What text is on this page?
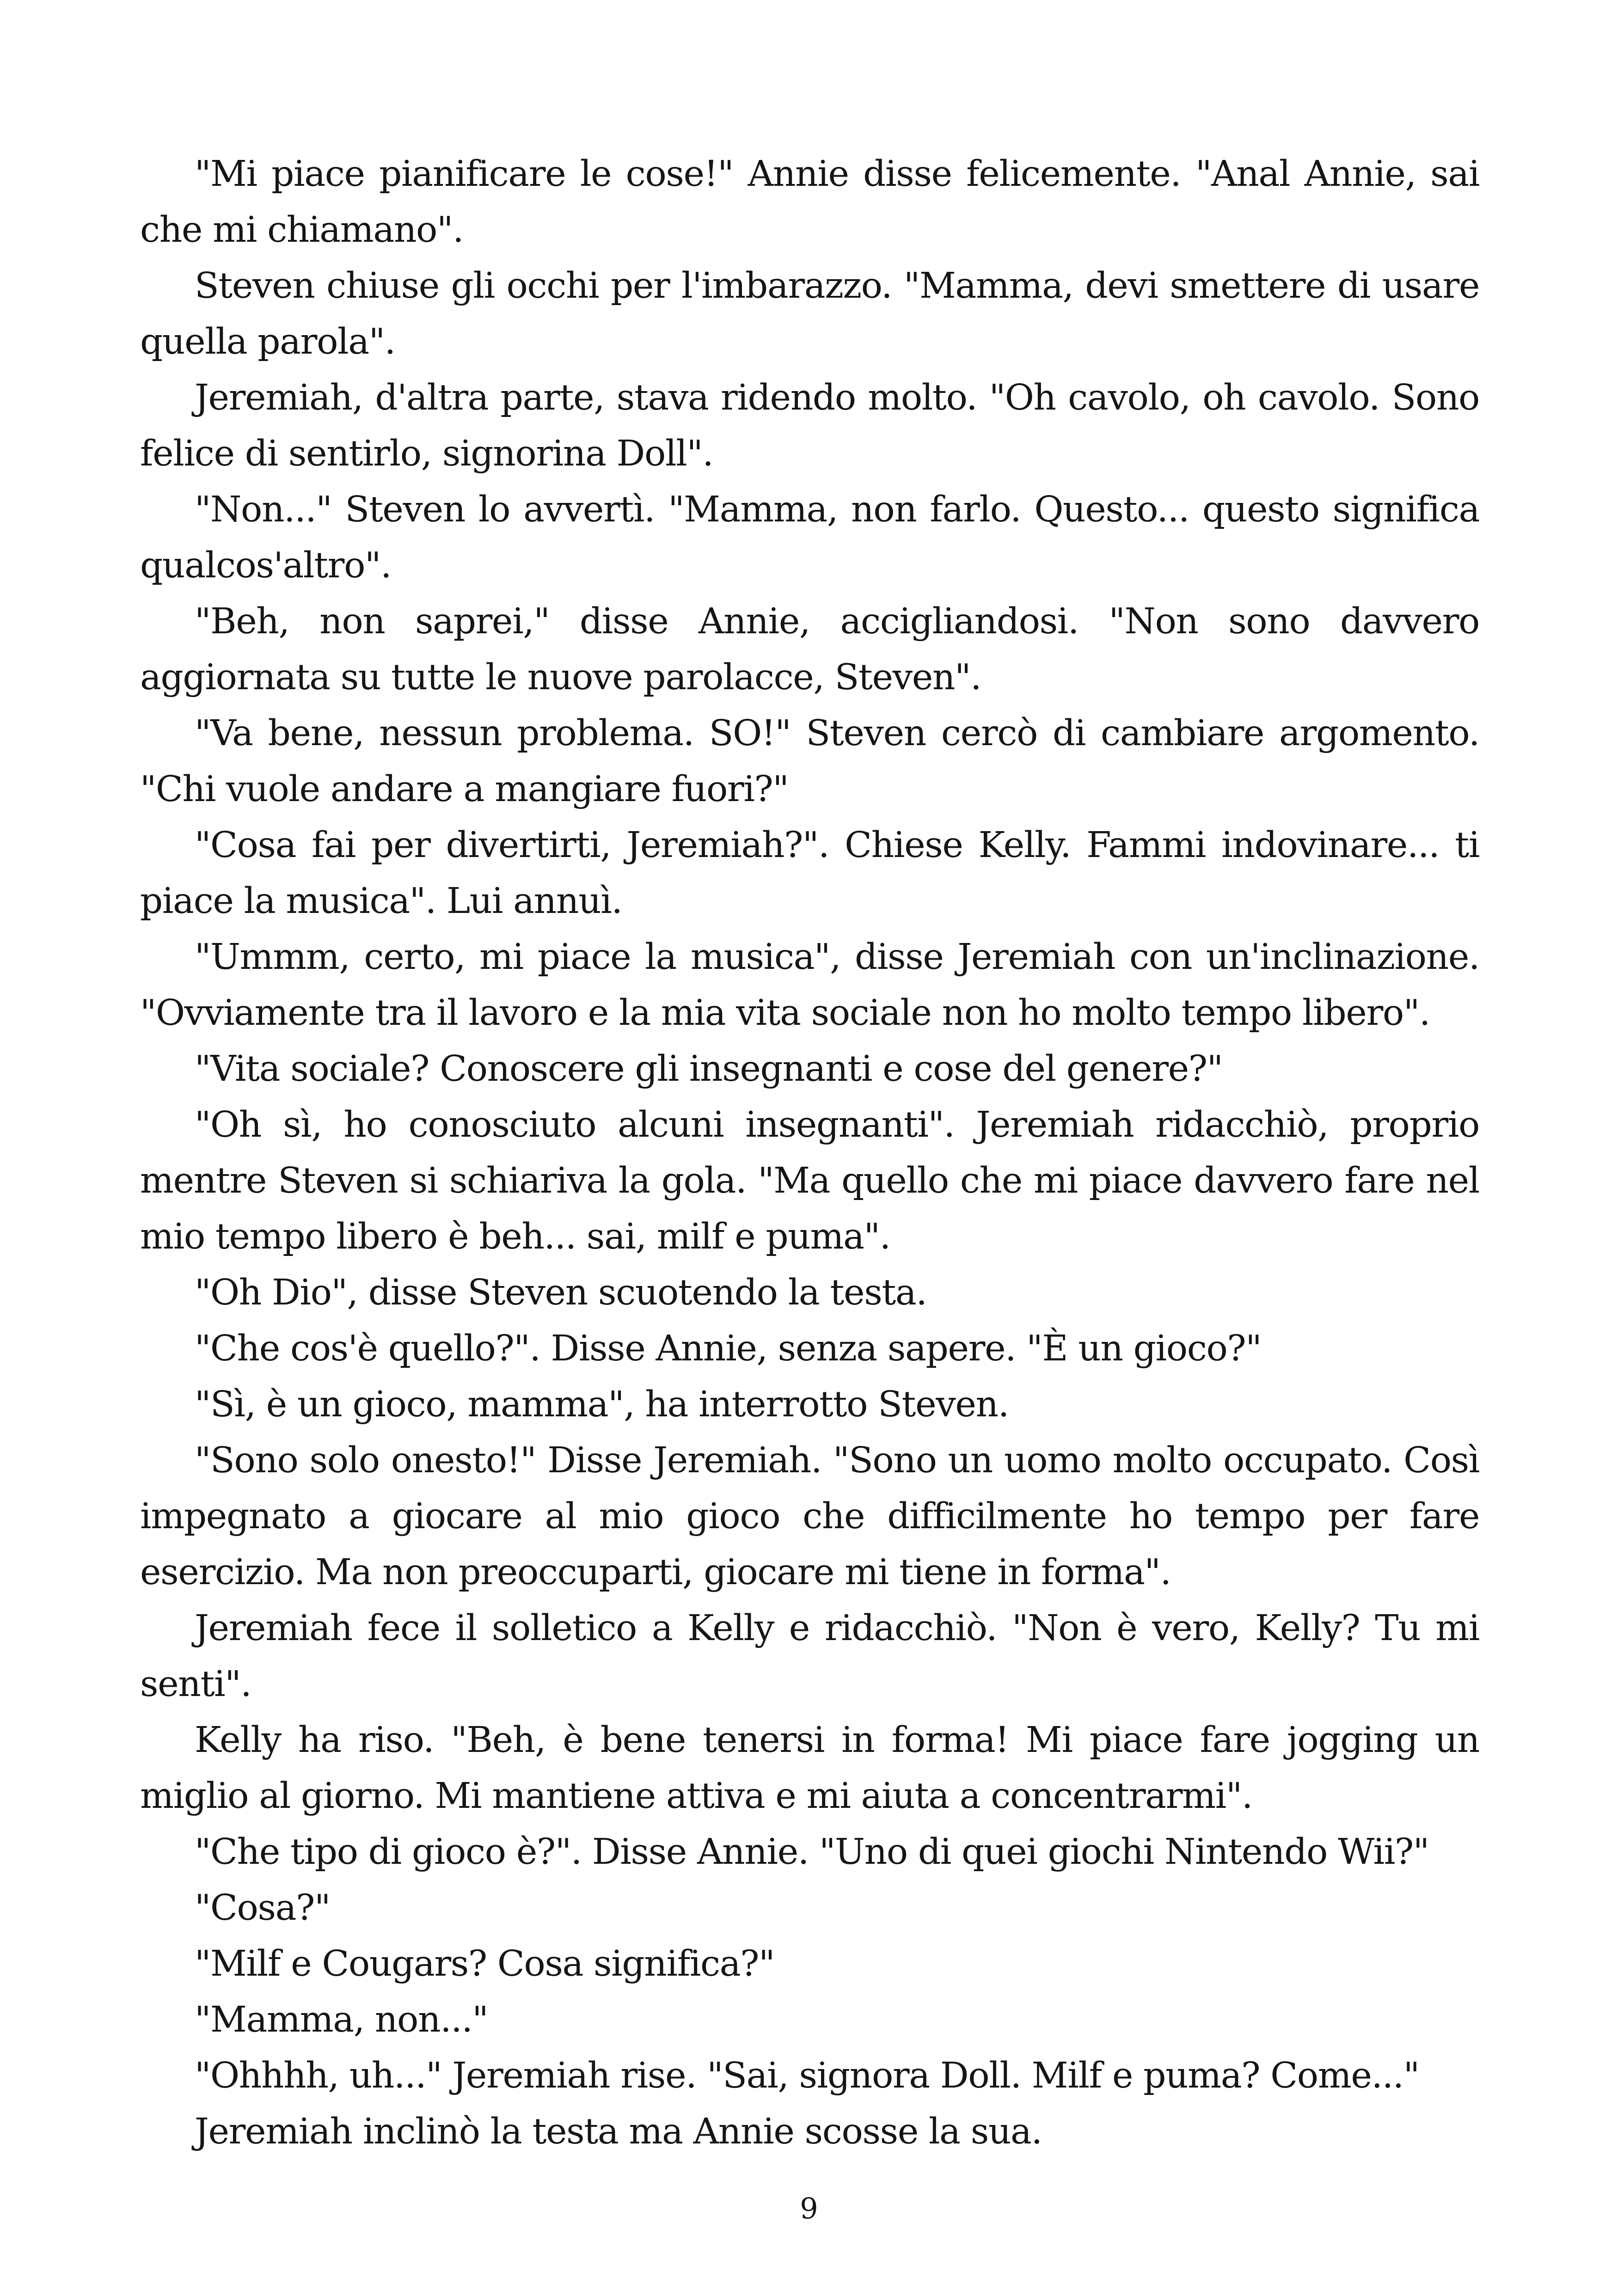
"Mi piace pianificare le cose!" Annie disse felicemente. "Anal Annie, sai che mi chiamano".

Steven chiuse gli occhi per l'imbarazzo. "Mamma, devi smettere di usare quella parola".

Jeremiah, d'altra parte, stava ridendo molto. "Oh cavolo, oh cavolo. Sono felice di sentirlo, signorina Doll".

"Non..." Steven lo avvertì. "Mamma, non farlo. Questo... questo significa qualcos'altro".

"Beh, non saprei," disse Annie, accigliandosi. "Non sono davvero aggiornata su tutte le nuove parolacce, Steven".

"Va bene, nessun problema. SO!" Steven cercò di cambiare argomento. "Chi vuole andare a mangiare fuori?"

"Cosa fai per divertirti, Jeremiah?". Chiese Kelly. Fammi indovinare... ti piace la musica". Lui annuì.

"Ummm, certo, mi piace la musica", disse Jeremiah con un'inclinazione. "Ovviamente tra il lavoro e la mia vita sociale non ho molto tempo libero".

"Vita sociale? Conoscere gli insegnanti e cose del genere?"

"Oh sì, ho conosciuto alcuni insegnanti". Jeremiah ridacchiò, proprio mentre Steven si schiariva la gola. "Ma quello che mi piace davvero fare nel mio tempo libero è beh... sai, milf e puma".

"Oh Dio", disse Steven scuotendo la testa.

"Che cos'è quello?". Disse Annie, senza sapere. "È un gioco?"

"Sì, è un gioco, mamma", ha interrotto Steven.

"Sono solo onesto!" Disse Jeremiah. "Sono un uomo molto occupato. Così impegnato a giocare al mio gioco che difficilmente ho tempo per fare esercizio. Ma non preoccuparti, giocare mi tiene in forma".

Jeremiah fece il solletico a Kelly e ridacchiò. "Non è vero, Kelly? Tu mi senti".

Kelly ha riso. "Beh, è bene tenersi in forma! Mi piace fare jogging un miglio al giorno. Mi mantiene attiva e mi aiuta a concentrarmi".

"Che tipo di gioco è?". Disse Annie. "Uno di quei giochi Nintendo Wii?"

"Cosa?"

"Milf e Cougars? Cosa significa?"

"Mamma, non..."

"Ohhhh, uh..." Jeremiah rise. "Sai, signora Doll. Milf e puma? Come..."

Jeremiah inclinò la testa ma Annie scosse la sua.

9
